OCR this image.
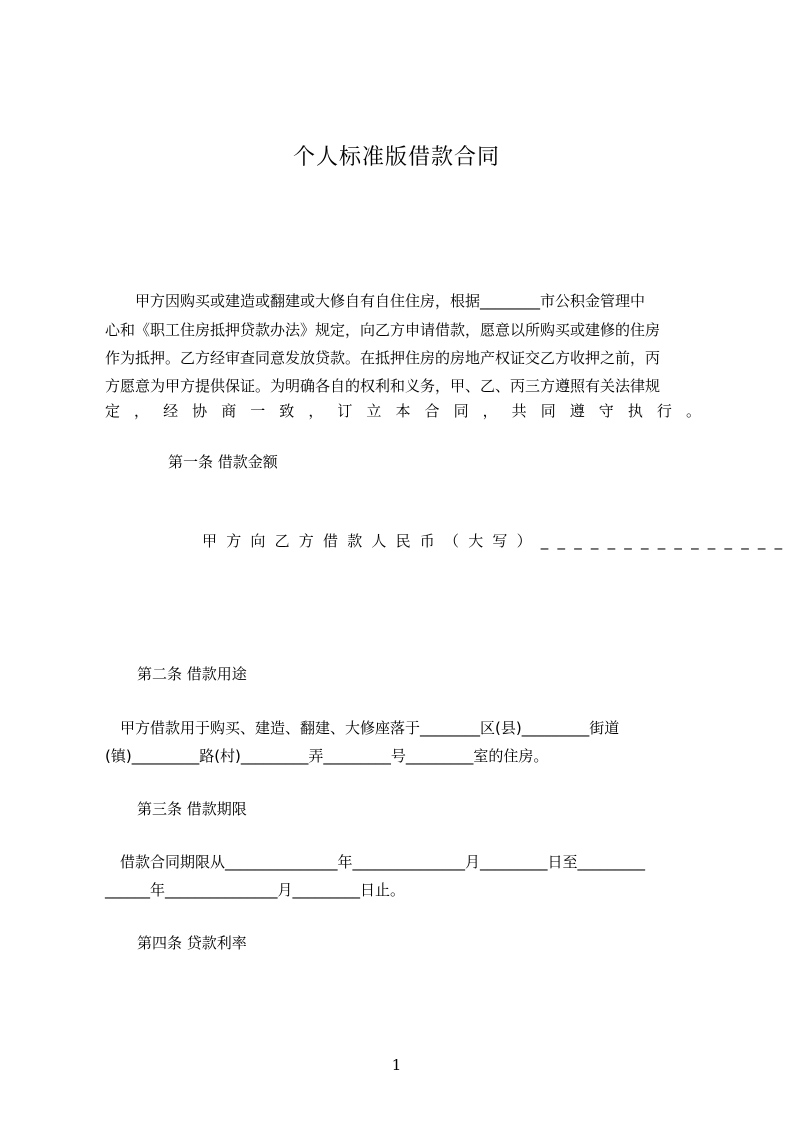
个人标准版借款合同
　　甲方因购买或建造或翻建或大修自有自住住房，根据________市公积金管理中
心和《职工住房抵押贷款办法》规定，向乙方申请借款，愿意以所购买或建修的住房
作为抵押。乙方经审查同意发放贷款。在抵押住房的房地产权证交乙方收押之前，丙
方愿意为甲方提供保证。为明确各自的权利和义务，甲、乙、丙三方遵照有关法律规
定 ， 经 协 商 一 致 ， 订 立 本 合 同 ， 共 同 遵 守 执 行 。
第一条 借款金额
甲方向乙方借款人民币（大写）_______________
第二条 借款用途
　甲方借款用于购买、建造、翻建、大修座落于________区(县)_________街道
(镇)_________路(村)_________弄_________号_________室的住房。
第三条 借款期限
　借款合同期限从_______________年_______________月_________日至_________
______年_______________月_________日止。
第四条 贷款利率
1
